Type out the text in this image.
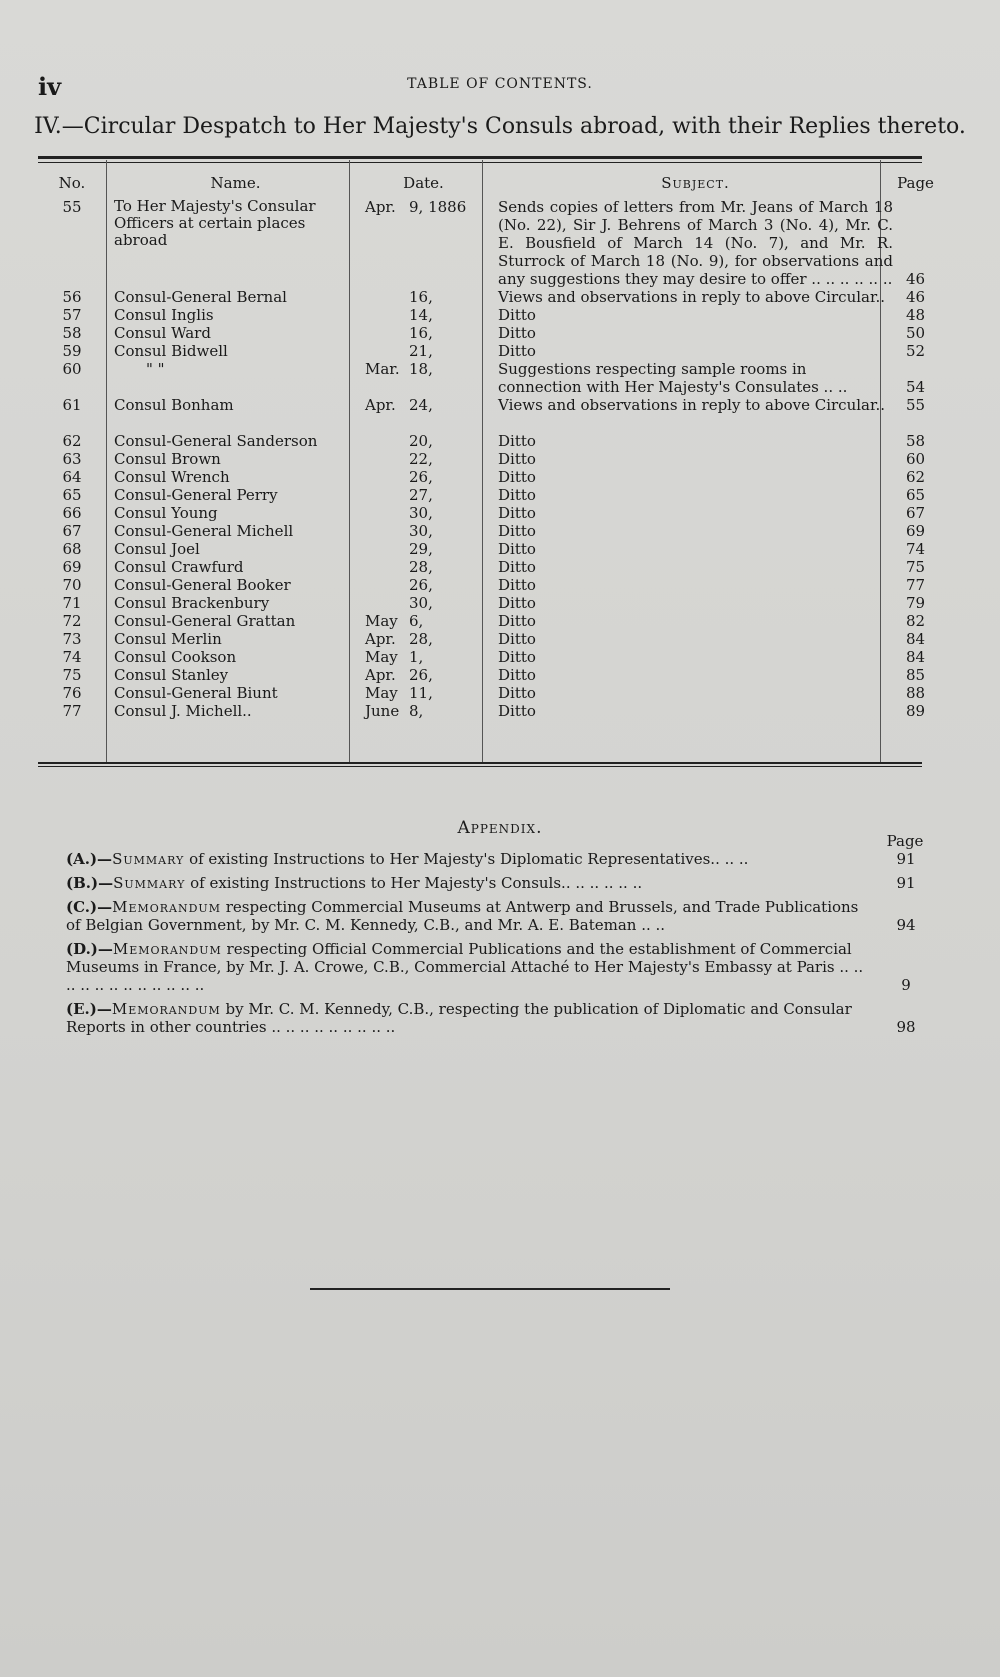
iv	TABLE OF CONTENTS.
IV.—Circular Despatch to Her Majesty's Consuls abroad, with their Replies thereto.
No.	Name.	Date.	Subject.	Page
55	To Her Majesty's Consular Officers at certain places abroad	Apr. 9, 1886	Sends copies of letters from Mr. Jeans of March 18 (No. 22), Sir J. Behrens of March 3 (No. 4), Mr. C. E. Bousfield of March 14 (No. 7), and Mr. R. Sturrock of March 18 (No. 9), for observations and any suggestions they may desire to offer .. .. .. .. .. ..	46
56	Consul-General Bernal	16,	Views and observations in reply to above Circular..	46
57	Consul Inglis	14,	Ditto	48
58	Consul Ward	16,	Ditto	50
59	Consul Bidwell	21,	Ditto	52
60	" "	Mar. 18,	Suggestions respecting sample rooms in connection with Her Majesty's Consulates .. ..	54
61	Consul Bonham	Apr. 24,	Views and observations in reply to above Circular..	55

62	Consul-General Sanderson	20,	Ditto	58
63	Consul Brown	22,	Ditto	60
64	Consul Wrench	26,	Ditto	62
65	Consul-General Perry	27,	Ditto	65
66	Consul Young	30,	Ditto	67
67	Consul-General Michell	30,	Ditto	69
68	Consul Joel	29,	Ditto	74
69	Consul Crawfurd	28,	Ditto	75
70	Consul-General Booker	26,	Ditto	77
71	Consul Brackenbury	30,	Ditto	79
72	Consul-General Grattan	May 6,	Ditto	82
73	Consul Merlin	Apr. 28,	Ditto	84
74	Consul Cookson	May 1,	Ditto	84
75	Consul Stanley	Apr. 26,	Ditto	85
76	Consul-General Biunt	May 11,	Ditto	88
77	Consul J. Michell..	June 8,	Ditto	89
Appendix.
Page
(A.)—Summary of existing Instructions to Her Majesty's Diplomatic Representatives.. .. ..	91
(B.)—Summary of existing Instructions to Her Majesty's Consuls.. .. .. .. .. ..	91
(C.)—Memorandum respecting Commercial Museums at Antwerp and Brussels, and Trade Publications of Belgian Government, by Mr. C. M. Kennedy, C.B., and Mr. A. E. Bateman .. ..	94
(D.)—Memorandum respecting Official Commercial Publications and the establishment of Commercial Museums in France, by Mr. J. A. Crowe, C.B., Commercial Attaché to Her Majesty's Embassy at Paris .. .. .. .. .. .. .. .. .. .. .. ..	9
(E.)—Memorandum by Mr. C. M. Kennedy, C.B., respecting the publication of Diplomatic and Consular Reports in other countries .. .. .. .. .. .. .. .. ..	98
